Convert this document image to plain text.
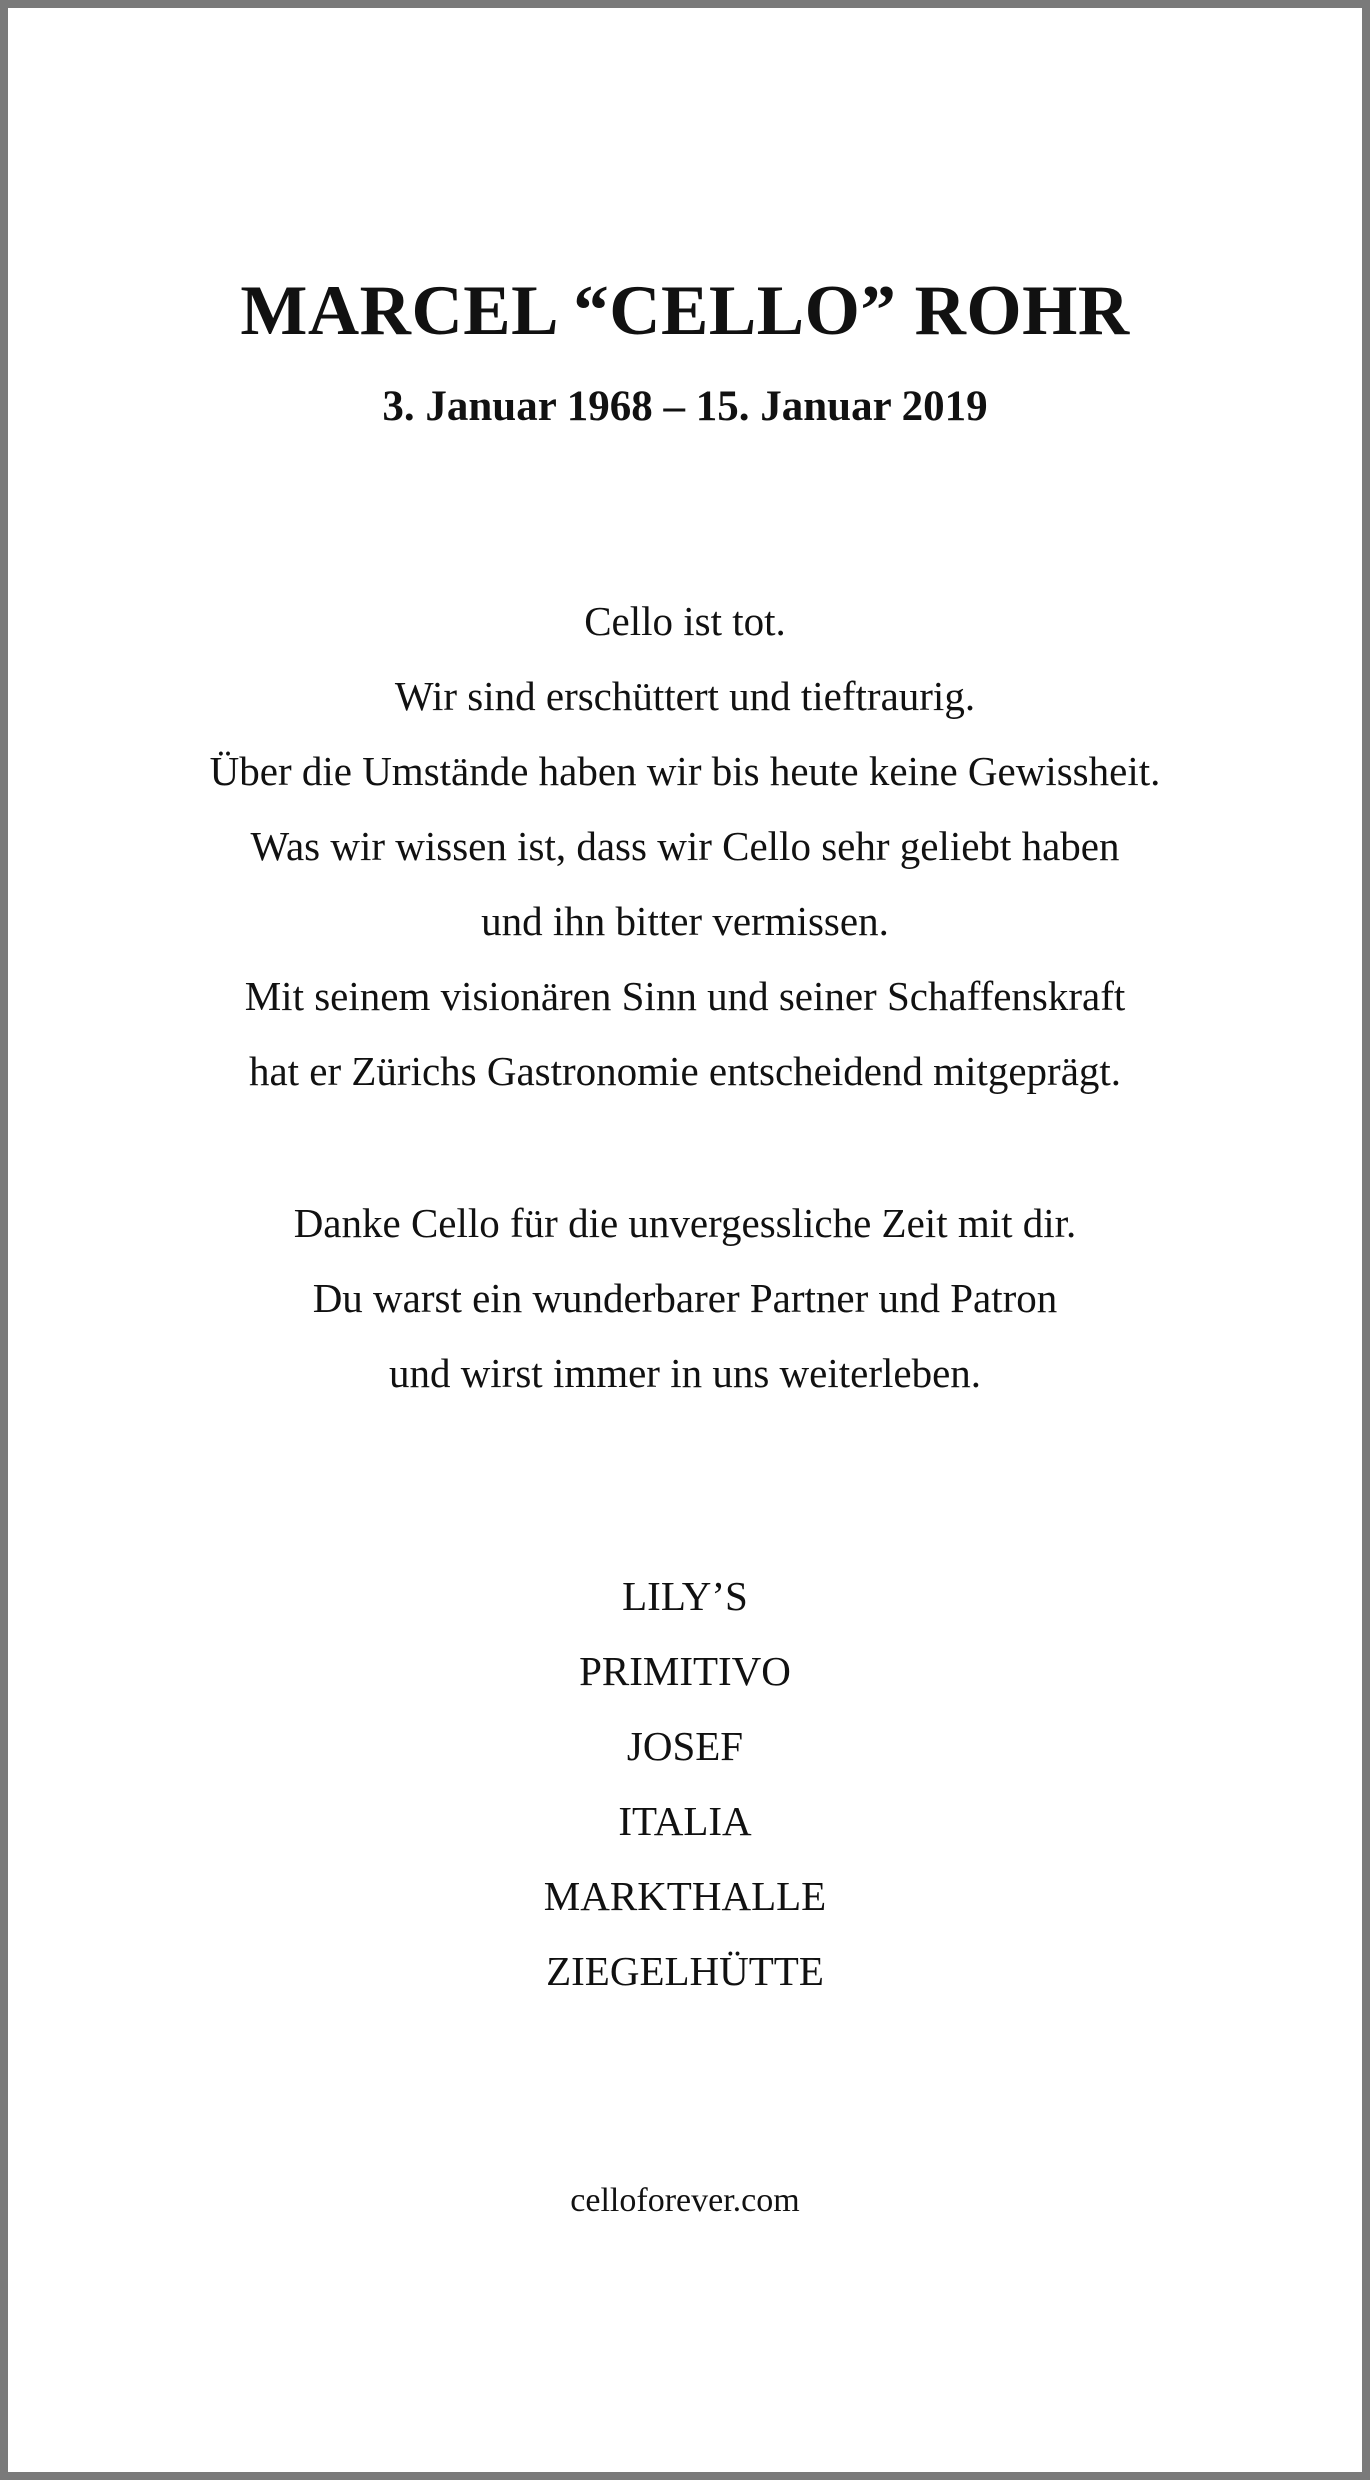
MARCEL “CELLO” ROHR
3. Januar 1968 – 15. Januar 2019

Cello ist tot.

Wir sind erschüttert und tieftraurig.

Über die Umstände haben wir bis heute keine Gewissheit.

Was wir wissen ist, dass wir Cello sehr geliebt haben

und ihn bitter vermissen.

Mit seinem visionären Sinn und seiner Schaffenskraft

hat er Zürichs Gastronomie entscheidend mitgeprägt.

Danke Cello für die unvergessliche Zeit mit dir.

Du warst ein wunderbarer Partner und Patron

und wirst immer in uns weiterleben.

LILY’S
PRIMITIVO
JOSEF
ITALIA
MARKTHALLE
ZIEGELHÜTTE
celloforever.com
